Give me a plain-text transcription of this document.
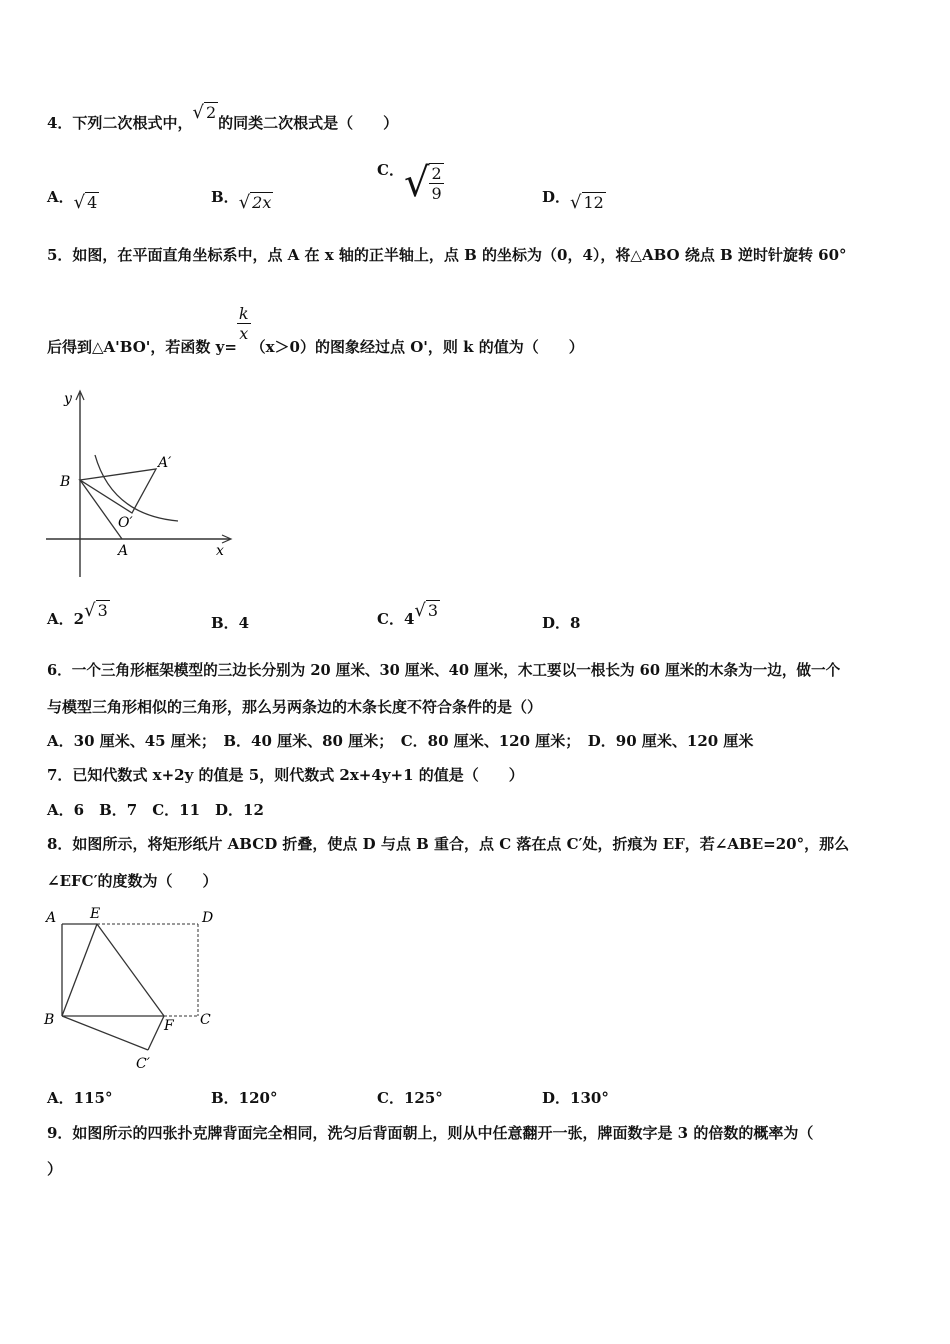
4．下列二次根式中，√ 2的同类二次根式是（　　）
A．√ 4	B．√ 2x
C．√ $\frac{2}{9}$	D．√ 12
5．如图，在平面直角坐标系中，点 A 在 x 轴的正半轴上，点 B 的坐标为（0，4），将△ABO 绕点 B 逆时针旋转 60°
后得到△A'BO'，若函数 y=
$\frac{k}{x}$
（x＞0）的图象经过点 O'，则 k 的值为（　　）
B
A′
O′
A
y
x
A．2√ 3
B．4	C．4√ 3
D．8
6．一个三角形框架模型的三边长分别为 20 厘米、30 厘米、40 厘米，木工要以一根长为 60 厘米的木条为一边，做一个
与模型三角形相似的三角形，那么另两条边的木条长度不符合条件的是（）
A．30 厘米、45 厘米；　B．40 厘米、80 厘米；　C．80 厘米、120 厘米；　D．90 厘米、120 厘米
7．已知代数式 x+2y 的值是 5，则代数式 2x+4y+1 的值是（　　）
A．6　B．7　C．11　D．12
8．如图所示，将矩形纸片 ABCD 折叠，使点 D 与点 B 重合，点 C 落在点 C′处，折痕为 EF，若∠ABE=20°，那么
∠EFC′的度数为（　　）
A E	D
B	F C
C′
A．115°	B．120°	C．125°	D．130°
9．如图所示的四张扑克牌背面完全相同，洗匀后背面朝上，则从中任意翻开一张，牌面数字是 3 的倍数的概率为（
）
